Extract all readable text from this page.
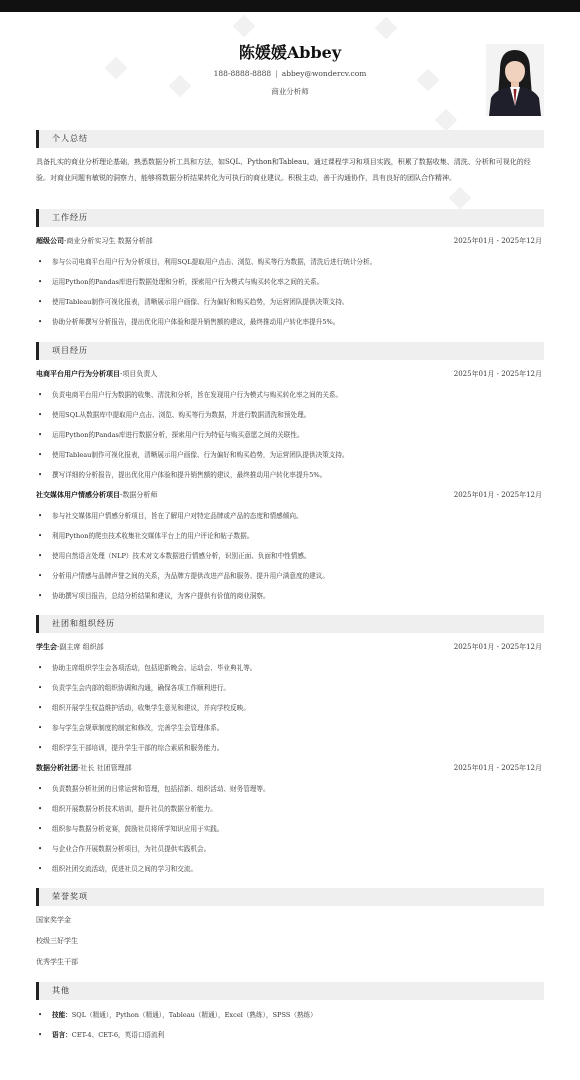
陈媛媛Abbey
188-8888-8888 | abbey@wondercv.com
商业分析师
个人总结
具备扎实的商业分析理论基础，熟悉数据分析工具和方法，如SQL、Python和Tableau。通过课程学习和项目实践，积累了数据收集、清洗、分析和可视化的经验。对商业问题有敏锐的洞察力，能够将数据分析结果转化为可执行的商业建议。积极主动，善于沟通协作，具有良好的团队合作精神。
工作经历
超级公司-商业分析实习生 数据分析部	2025年01月 - 2025年12月
• 参与公司电商平台用户行为分析项目，利用SQL提取用户点击、浏览、购买等行为数据，清洗后进行统计分析。
• 运用Python的Pandas库进行数据处理和分析，探索用户行为模式与购买转化率之间的关系。
• 使用Tableau制作可视化报表，清晰展示用户画像、行为偏好和购买趋势，为运营团队提供决策支持。
• 协助分析师撰写分析报告，提出优化用户体验和提升销售额的建议，最终推动用户转化率提升5%。
项目经历
电商平台用户行为分析项目-项目负责人	2025年01月 - 2025年12月
• 负责电商平台用户行为数据的收集、清洗和分析，旨在发现用户行为模式与购买转化率之间的关系。
• 使用SQL从数据库中提取用户点击、浏览、购买等行为数据，并进行数据清洗和预处理。
• 运用Python的Pandas库进行数据分析，探索用户行为特征与购买意愿之间的关联性。
• 使用Tableau制作可视化报表，清晰展示用户画像、行为偏好和购买趋势，为运营团队提供决策支持。
• 撰写详细的分析报告，提出优化用户体验和提升销售额的建议，最终推动用户转化率提升5%。
社交媒体用户情感分析项目-数据分析师	2025年01月 - 2025年12月
• 参与社交媒体用户情感分析项目，旨在了解用户对特定品牌或产品的态度和情感倾向。
• 利用Python的爬虫技术收集社交媒体平台上的用户评论和帖子数据。
• 使用自然语言处理（NLP）技术对文本数据进行情感分析，识别正面、负面和中性情感。
• 分析用户情感与品牌声誉之间的关系，为品牌方提供改进产品和服务、提升用户满意度的建议。
• 协助撰写项目报告，总结分析结果和建议，为客户提供有价值的商业洞察。
社团和组织经历
学生会-副主席 组织部	2025年01月 - 2025年12月
• 协助主席组织学生会各项活动，包括迎新晚会、运动会、毕业典礼等。
• 负责学生会内部的组织协调和沟通，确保各项工作顺利进行。
• 组织开展学生权益维护活动，收集学生意见和建议，并向学校反映。
• 参与学生会规章制度的制定和修改，完善学生会管理体系。
• 组织学生干部培训，提升学生干部的综合素质和服务能力。
数据分析社团-社长 社团管理部	2025年01月 - 2025年12月
• 负责数据分析社团的日常运营和管理，包括招新、组织活动、财务管理等。
• 组织开展数据分析技术培训，提升社员的数据分析能力。
• 组织参与数据分析竞赛，鼓励社员将所学知识应用于实践。
• 与企业合作开展数据分析项目，为社员提供实践机会。
• 组织社团交流活动，促进社员之间的学习和交流。
荣誉奖项
国家奖学金
校级三好学生
优秀学生干部
其他
• 技能：SQL（精通），Python（精通），Tableau（精通），Excel（熟练），SPSS（熟练）
• 语言：CET-4、CET-6，英语口语流利
